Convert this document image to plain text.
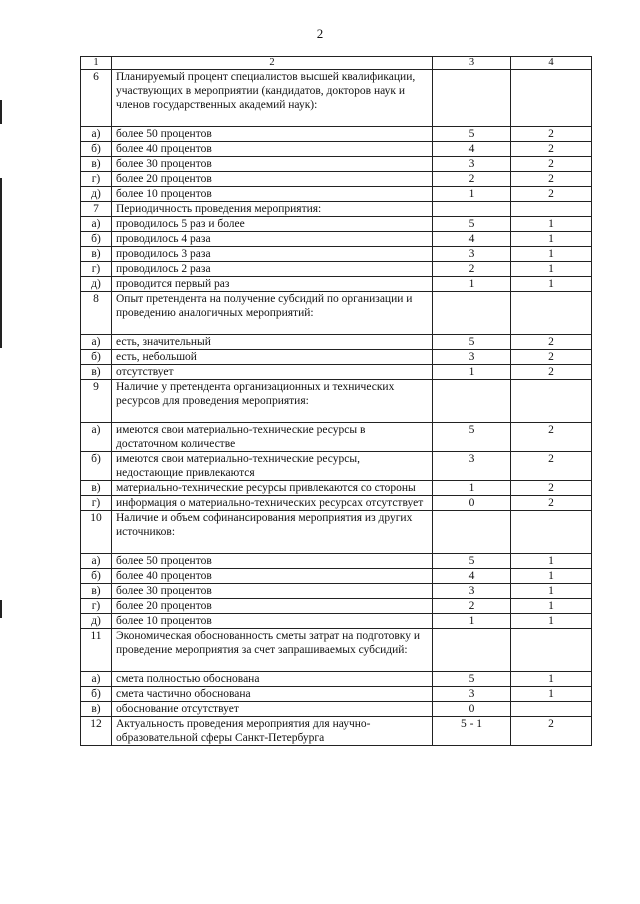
2
1	2	3	4
6	Планируемый процент специалистов высшей квалификации, участвующих в мероприятии (кандидатов, докторов наук и членов государственных академий наук):		

а)	более 50 процентов	5	2
б)	более 40 процентов	4	2
в)	более 30 процентов	3	2
г)	более 20 процентов	2	2
д)	более 10 процентов	1	2
7	Периодичность проведения мероприятия:		
а)	проводилось 5 раз и более	5	1
б)	проводилось 4 раза	4	1
в)	проводилось 3 раза	3	1
г)	проводилось 2 раза	2	1
д)	проводится первый раз	1	1
8	Опыт претендента на получение субсидий по организации и проведению аналогичных мероприятий:		

а)	есть, значительный	5	2
б)	есть, небольшой	3	2
в)	отсутствует	1	2
9	Наличие у претендента организационных и технических ресурсов для проведения мероприятия:		

а)	имеются свои материально-технические ресурсы в достаточном количестве	5	2
б)	имеются свои материально-технические ресурсы, недостающие привлекаются	3	2
в)	материально-технические ресурсы привлекаются со стороны	1	2
г)	информация о материально-технических ресурсах отсутствует	0	2
10	Наличие и объем софинансирования мероприятия из других источников:		

а)	более 50 процентов	5	1
б)	более 40 процентов	4	1
в)	более 30 процентов	3	1
г)	более 20 процентов	2	1
д)	более 10 процентов	1	1
11	Экономическая обоснованность сметы затрат на подготовку и проведение мероприятия за счет запрашиваемых субсидий:		

а)	смета полностью обоснована	5	1
б)	смета частично обоснована	3	1
в)	обоснование отсутствует	0	
12	Актуальность проведения мероприятия для научно-образовательной сферы Санкт-Петербурга	5 - 1	2
